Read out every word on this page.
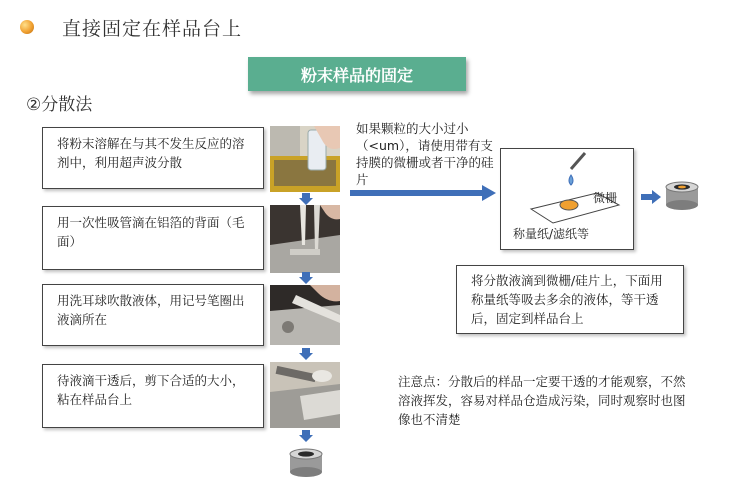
直接固定在样品台上
粉末样品的固定
②分散法
将粉末溶解在与其不发生反应的溶剂中，利用超声波分散
用一次性吸管滴在铝箔的背面（毛面）
用洗耳球吹散液体，用记号笔圈出液滴所在
待液滴干透后，剪下合适的大小，粘在样品台上
如果颗粒的大小过小（<um），请使用带有支持膜的微栅或者干净的硅片
微栅
称量纸/滤纸等
将分散液滴到微栅/硅片上，下面用称量纸等吸去多余的液体，等干透后，固定到样品台上
注意点：分散后的样品一定要干透的才能观察，不然溶液挥发，容易对样品仓造成污染，同时观察时也图像也不清楚
